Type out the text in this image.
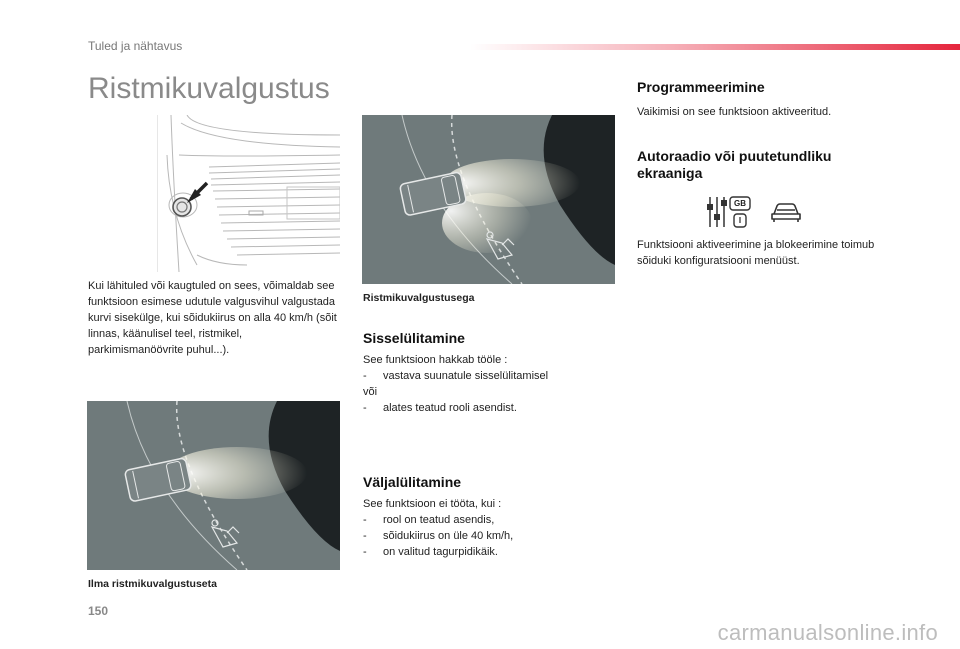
Tuled ja nähtavus
Ristmikuvalgustus
Kui lähituled või kaugtuled on sees, võimaldab see funktsioon esimese udutule valgusvihul valgustada kurvi sisekülge, kui sõidukiirus on alla 40 km/h (sõit linnas, käänulisel teel, ristmikel, parkimismanöövrite puhul...).
Ilma ristmikuvalgustuseta
Ristmikuvalgustusega
Sisselülitamine
See funktsioon hakkab tööle :
- vastava suunatule sisselülitamisel
või
- alates teatud rooli asendist.
Väljalülitamine
See funktsioon ei tööta, kui :
- rool on teatud asendis,
- sõidukiirus on üle 40 km/h,
- on valitud tagurpidikäik.
Programmeerimine
Vaikimisi on see funktsioon aktiveeritud.
Autoraadio või puutetundliku
ekraaniga
GB
I
Funktsiooni aktiveerimine ja blokeerimine toimub sõiduki konfiguratsiooni menüüst.
150
carmanualsonline.info
